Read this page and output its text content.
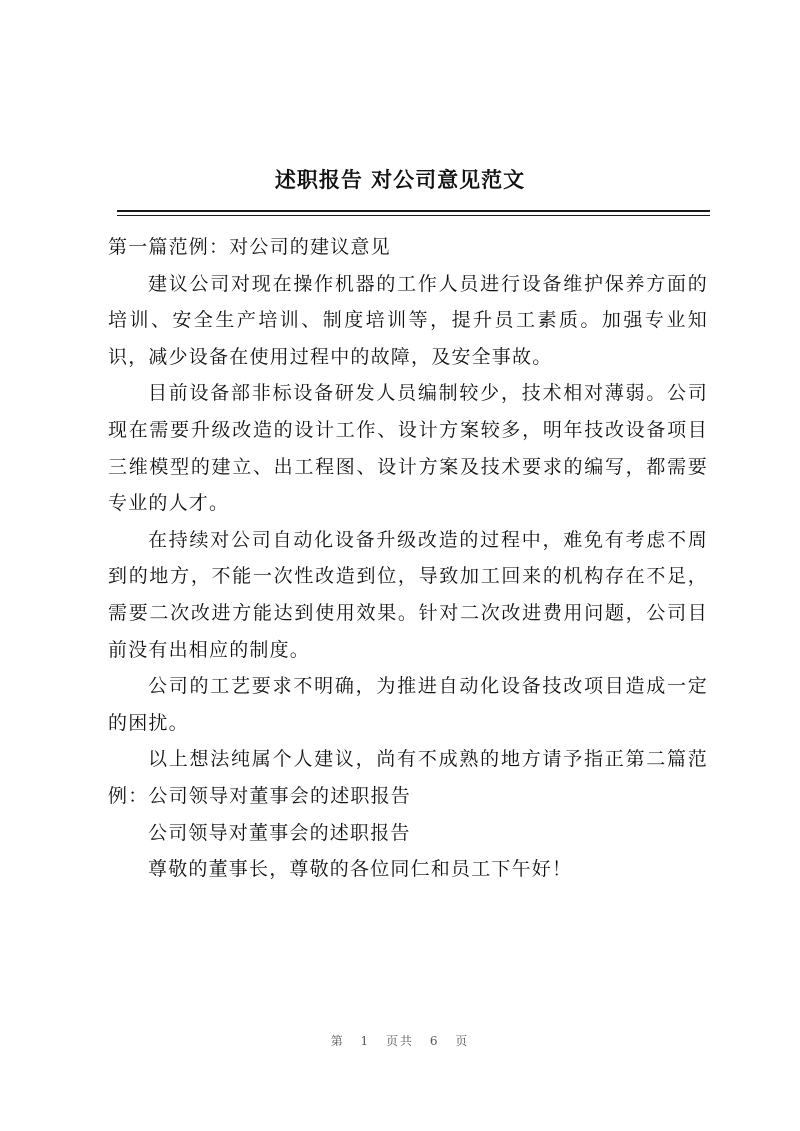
述职报告 对公司意见范文

第一篇范例：对公司的建议意见

建议公司对现在操作机器的工作人员进行设备维护保养方面的培训、安全生产培训、制度培训等，提升员工素质。加强专业知识，减少设备在使用过程中的故障，及安全事故。

目前设备部非标设备研发人员编制较少，技术相对薄弱。公司现在需要升级改造的设计工作、设计方案较多，明年技改设备项目三维模型的建立、出工程图、设计方案及技术要求的编写，都需要专业的人才。

在持续对公司自动化设备升级改造的过程中，难免有考虑不周到的地方，不能一次性改造到位，导致加工回来的机构存在不足，需要二次改进方能达到使用效果。针对二次改进费用问题，公司目前没有出相应的制度。

公司的工艺要求不明确，为推进自动化设备技改项目造成一定的困扰。

以上想法纯属个人建议，尚有不成熟的地方请予指正第二篇范例：公司领导对董事会的述职报告

公司领导对董事会的述职报告

尊敬的董事长，尊敬的各位同仁和员工下午好！

第 1 页共 6 页
